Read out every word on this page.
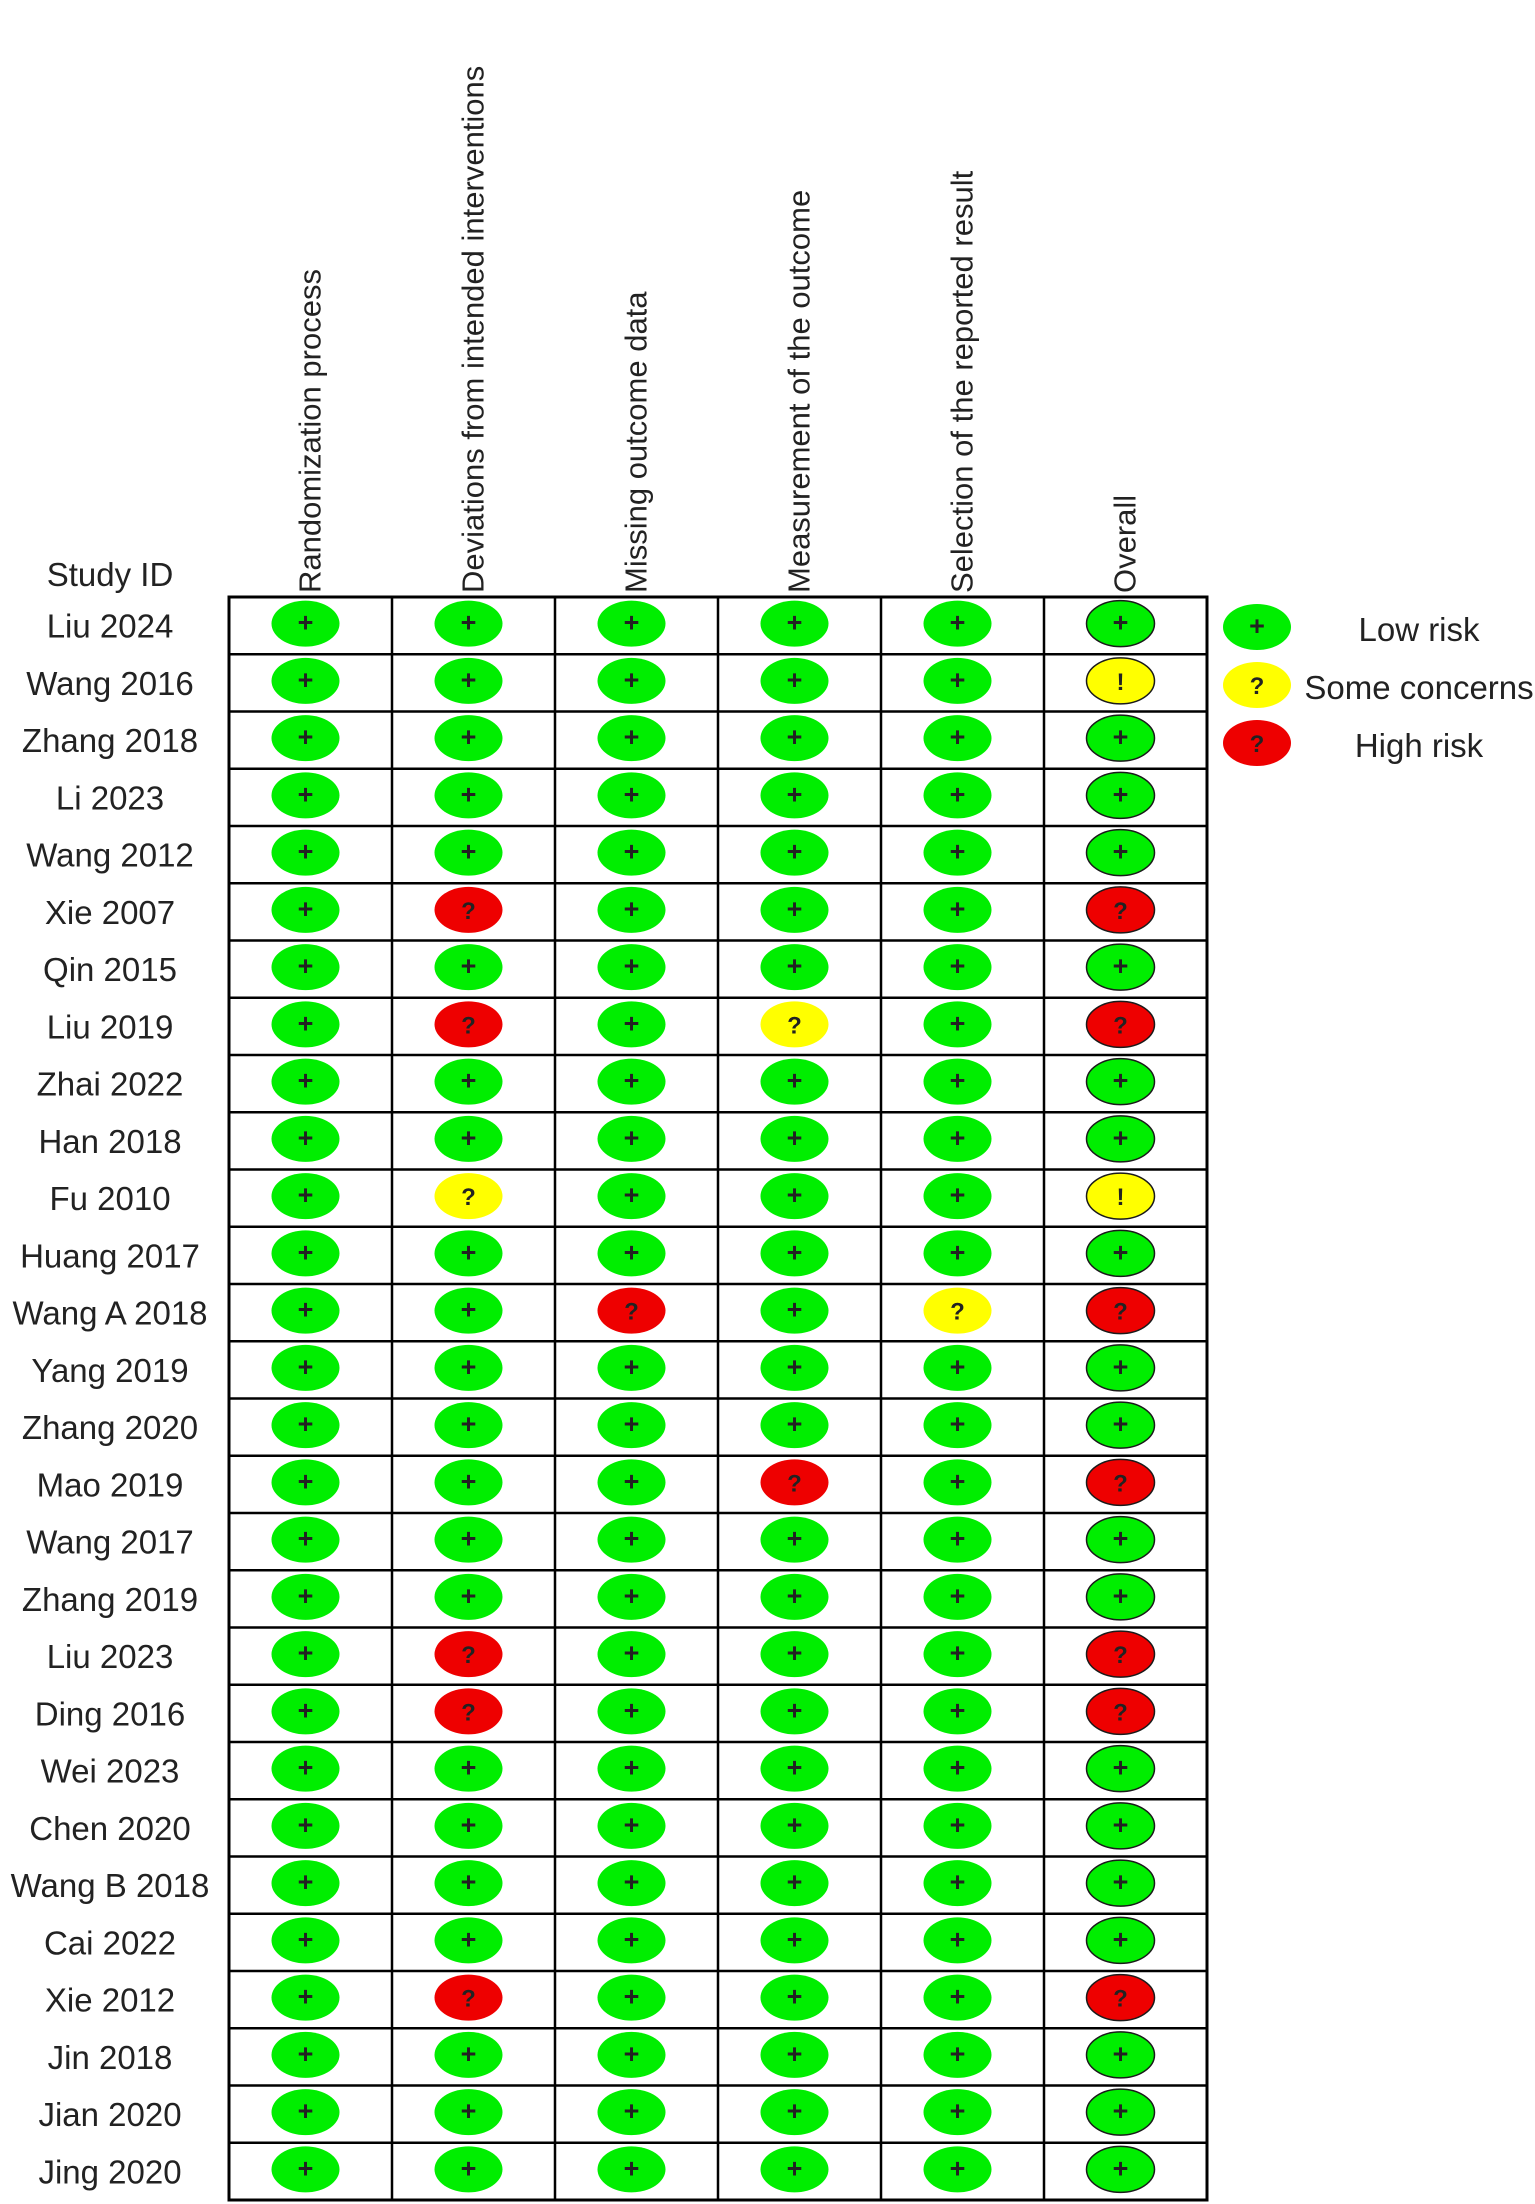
Study ID	Randomization process	Deviations from intended interventions	Missing outcome data	Measurement of the outcome	Selection of the reported result	Overall
Liu 2024	+	+	+	+	+	+
Wang 2016	+	+	+	+	+	!
Zhang 2018	+	+	+	+	+	+
Li 2023	+	+	+	+	+	+
Wang 2012	+	+	+	+	+	+
Xie 2007	+	?	+	+	+	?
Qin 2015	+	+	+	+	+	+
Liu 2019	+	?	+	?	+	?
Zhai 2022	+	+	+	+	+	+
Han 2018	+	+	+	+	+	+
Fu 2010	+	?	+	+	+	!
Huang 2017	+	+	+	+	+	+
Wang A 2018	+	+	?	+	?	?
Yang 2019	+	+	+	+	+	+
Zhang 2020	+	+	+	+	+	+
Mao 2019	+	+	+	?	+	?
Wang 2017	+	+	+	+	+	+
Zhang 2019	+	+	+	+	+	+
Liu 2023	+	?	+	+	+	?
Ding 2016	+	?	+	+	+	?
Wei 2023	+	+	+	+	+	+
Chen 2020	+	+	+	+	+	+
Wang B 2018	+	+	+	+	+	+
Cai 2022	+	+	+	+	+	+
Xie 2012	+	?	+	+	+	?
Jin 2018	+	+	+	+	+	+
Jian 2020	+	+	+	+	+	+
Jing 2020	+	+	+	+	+	+
+	Low risk
? Some concerns
?	High risk
